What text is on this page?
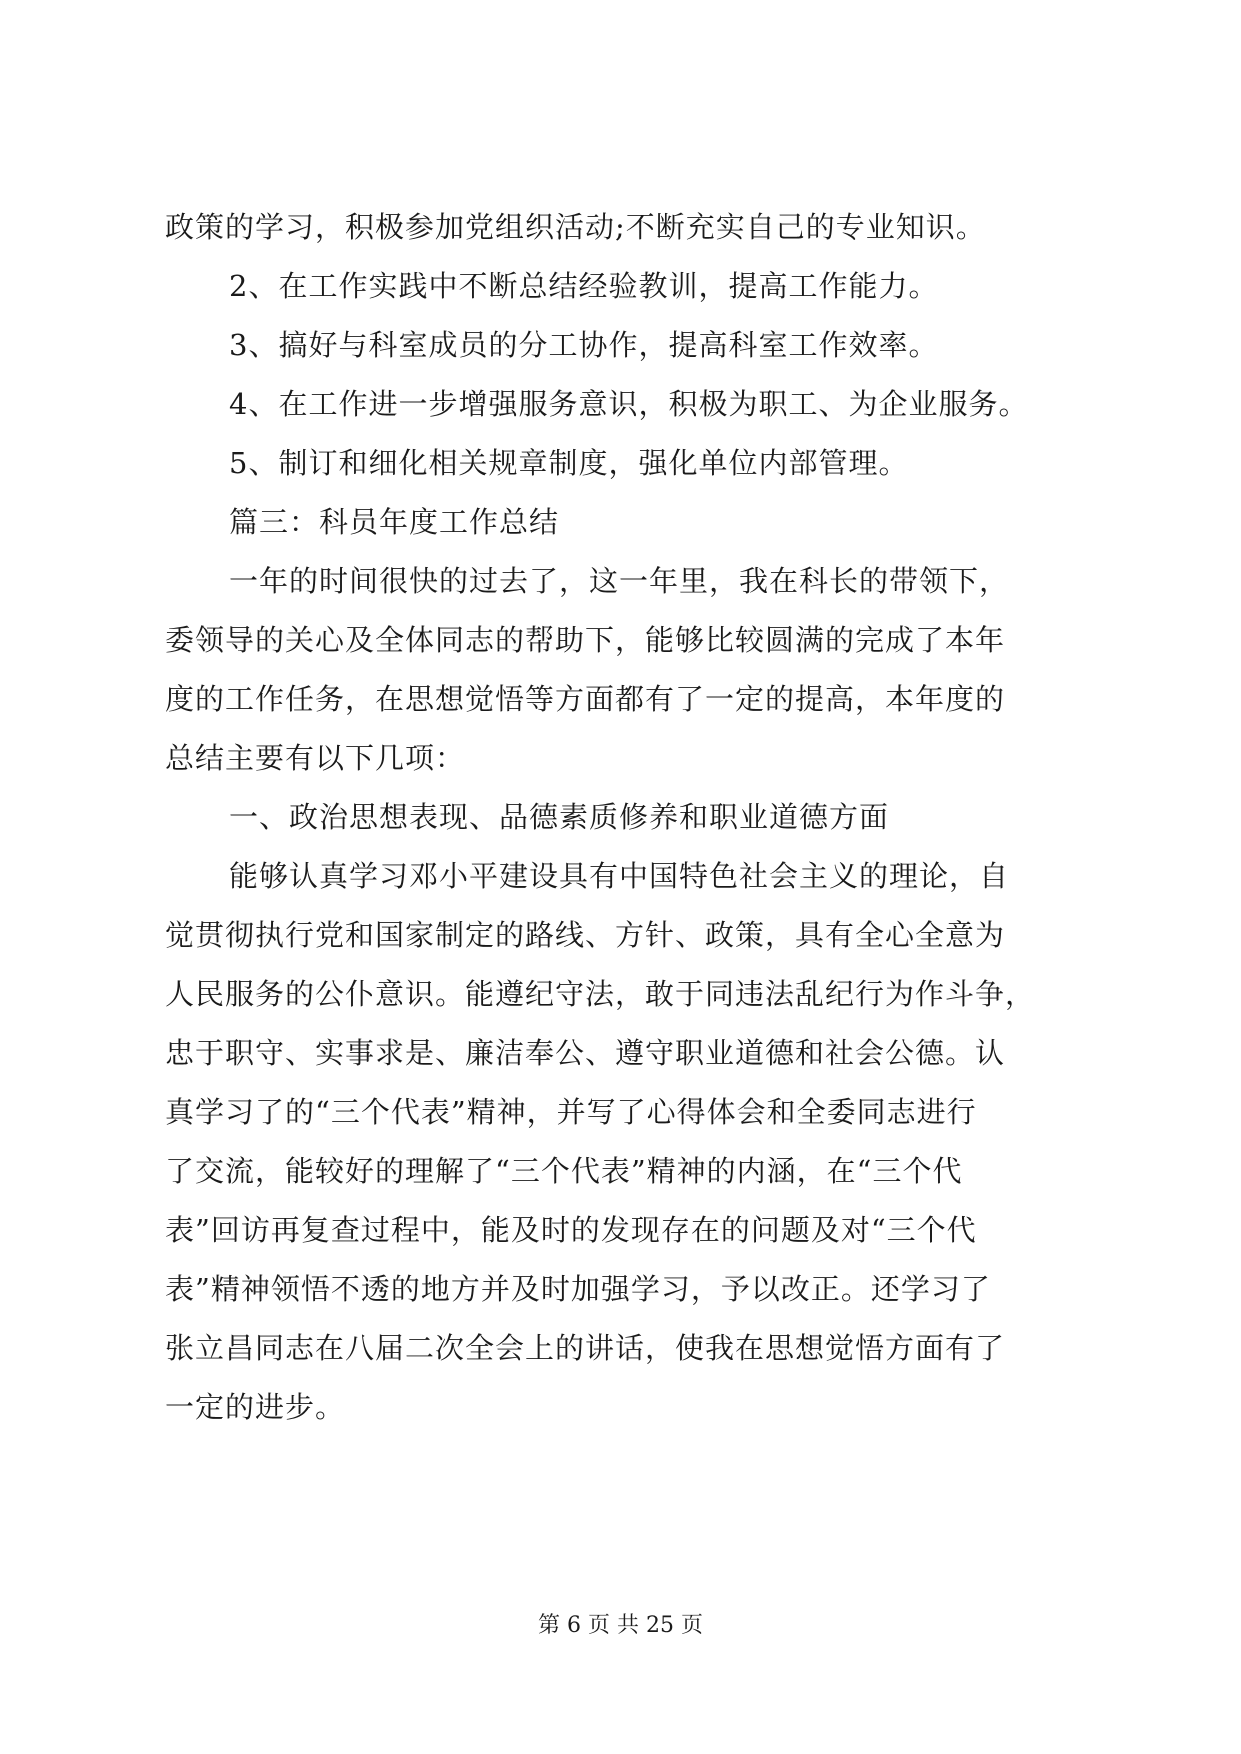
政策的学习，积极参加党组织活动;不断充实自己的专业知识。
2、在工作实践中不断总结经验教训，提高工作能力。
3、搞好与科室成员的分工协作，提高科室工作效率。
4、在工作进一步增强服务意识，积极为职工、为企业服务。
5、制订和细化相关规章制度，强化单位内部管理。
篇三：科员年度工作总结
一年的时间很快的过去了，这一年里，我在科长的带领下，
委领导的关心及全体同志的帮助下，能够比较圆满的完成了本年
度的工作任务，在思想觉悟等方面都有了一定的提高，本年度的
总结主要有以下几项：
一、政治思想表现、品德素质修养和职业道德方面
能够认真学习邓小平建设具有中国特色社会主义的理论，自
觉贯彻执行党和国家制定的路线、方针、政策，具有全心全意为
人民服务的公仆意识。能遵纪守法，敢于同违法乱纪行为作斗争，
忠于职守、实事求是、廉洁奉公、遵守职业道德和社会公德。认
真学习了的“三个代表”精神，并写了心得体会和全委同志进行
了交流，能较好的理解了“三个代表”精神的内涵，在“三个代
表”回访再复查过程中，能及时的发现存在的问题及对“三个代
表”精神领悟不透的地方并及时加强学习，予以改正。还学习了
张立昌同志在八届二次全会上的讲话，使我在思想觉悟方面有了
一定的进步。
第 6 页 共 25 页
